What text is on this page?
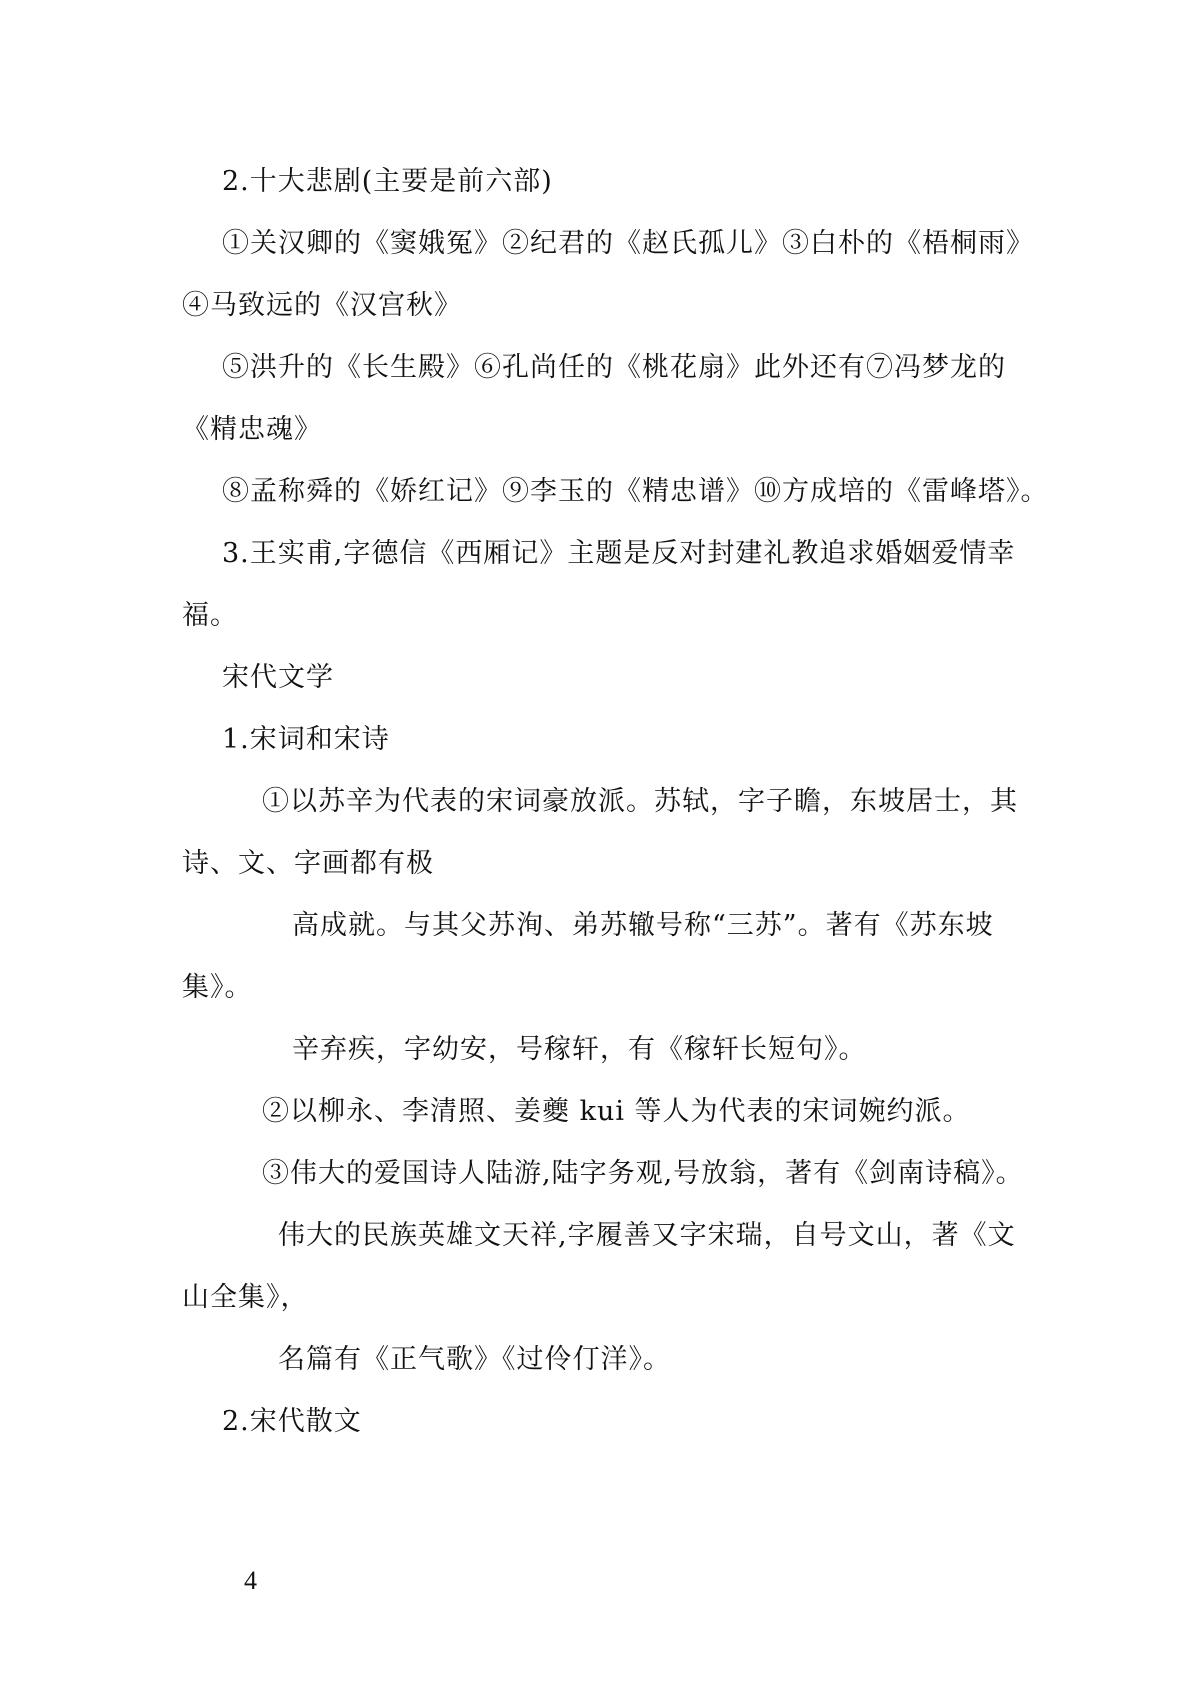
2.十大悲剧(主要是前六部)
①关汉卿的《窦娥冤》②纪君的《赵氏孤儿》③白朴的《梧桐雨》
④马致远的《汉宫秋》
⑤洪升的《长生殿》⑥孔尚任的《桃花扇》此外还有⑦冯梦龙的
《精忠魂》
⑧孟称舜的《娇红记》⑨李玉的《精忠谱》⑩方成培的《雷峰塔》。
3.王实甫,字德信《西厢记》主题是反对封建礼教追求婚姻爱情幸
福。
宋代文学
1.宋词和宋诗
①以苏辛为代表的宋词豪放派。苏轼，字子瞻，东坡居士，其
诗、文、字画都有极
高成就。与其父苏洵、弟苏辙号称“三苏”。著有《苏东坡
集》。
辛弃疾，字幼安，号稼轩，有《稼轩长短句》。
②以柳永、李清照、姜夔 kui 等人为代表的宋词婉约派。
③伟大的爱国诗人陆游,陆字务观,号放翁，著有《剑南诗稿》。
伟大的民族英雄文天祥,字履善又字宋瑞，自号文山，著《文
山全集》，
名篇有《正气歌》《过伶仃洋》。
2.宋代散文
4
